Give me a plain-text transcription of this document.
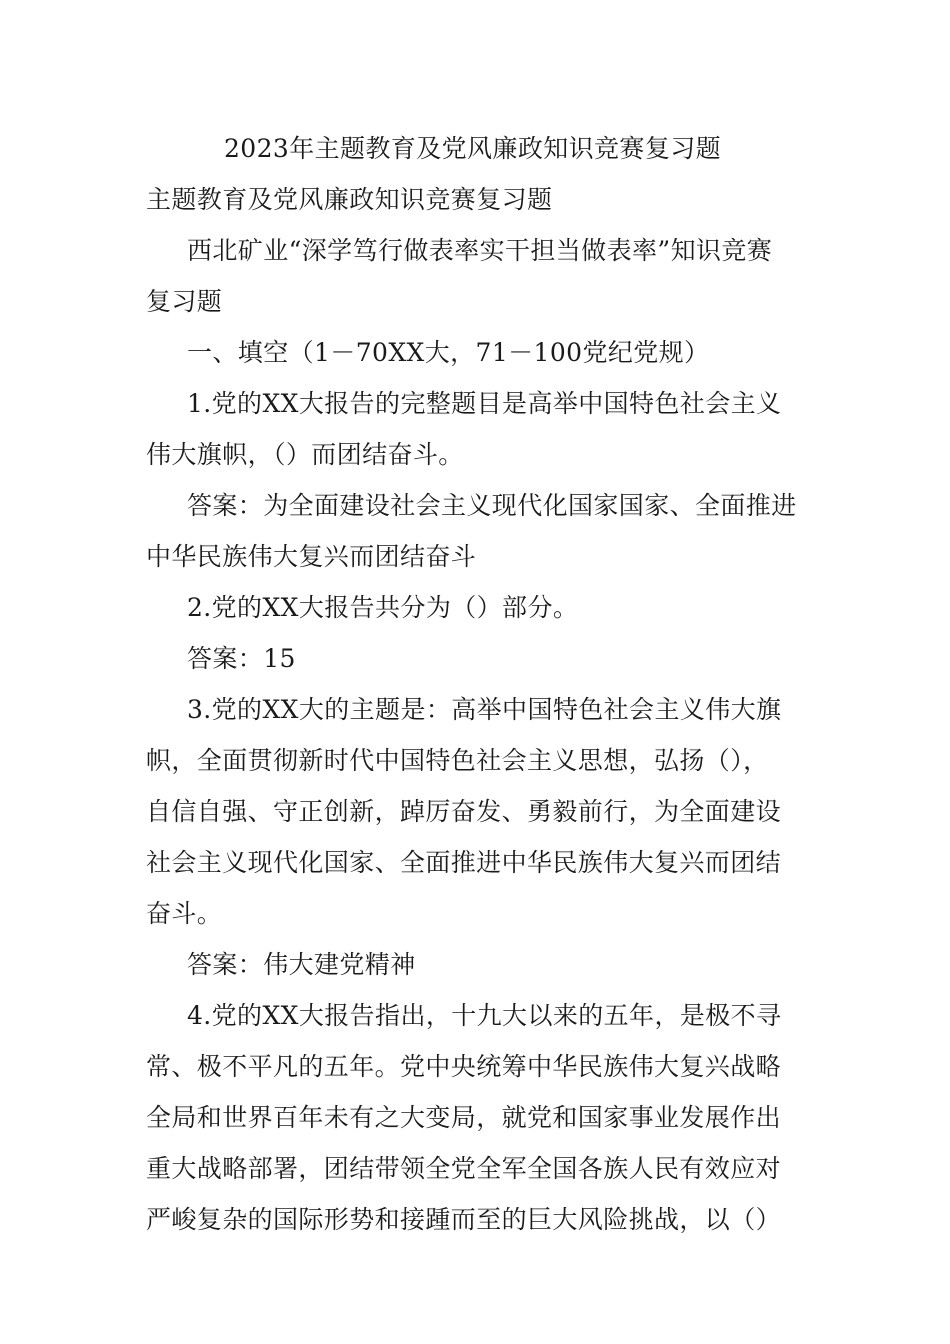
2023年主题教育及党风廉政知识竞赛复习题
主题教育及党风廉政知识竞赛复习题
西北矿业“深学笃行做表率实干担当做表率”知识竞赛
复习题
一、填空（1－70XX大，71－100党纪党规）
1.党的XX大报告的完整题目是高举中国特色社会主义
伟大旗帜，（）而团结奋斗。
答案：为全面建设社会主义现代化国家国家、全面推进
中华民族伟大复兴而团结奋斗
2.党的XX大报告共分为（）部分。
答案：15
3.党的XX大的主题是：高举中国特色社会主义伟大旗
帜，全面贯彻新时代中国特色社会主义思想，弘扬（），
自信自强、守正创新，踔厉奋发、勇毅前行，为全面建设
社会主义现代化国家、全面推进中华民族伟大复兴而团结
奋斗。
答案：伟大建党精神
4.党的XX大报告指出，十九大以来的五年，是极不寻
常、极不平凡的五年。党中央统筹中华民族伟大复兴战略
全局和世界百年未有之大变局，就党和国家事业发展作出
重大战略部署，团结带领全党全军全国各族人民有效应对
严峻复杂的国际形势和接踵而至的巨大风险挑战，以（）
